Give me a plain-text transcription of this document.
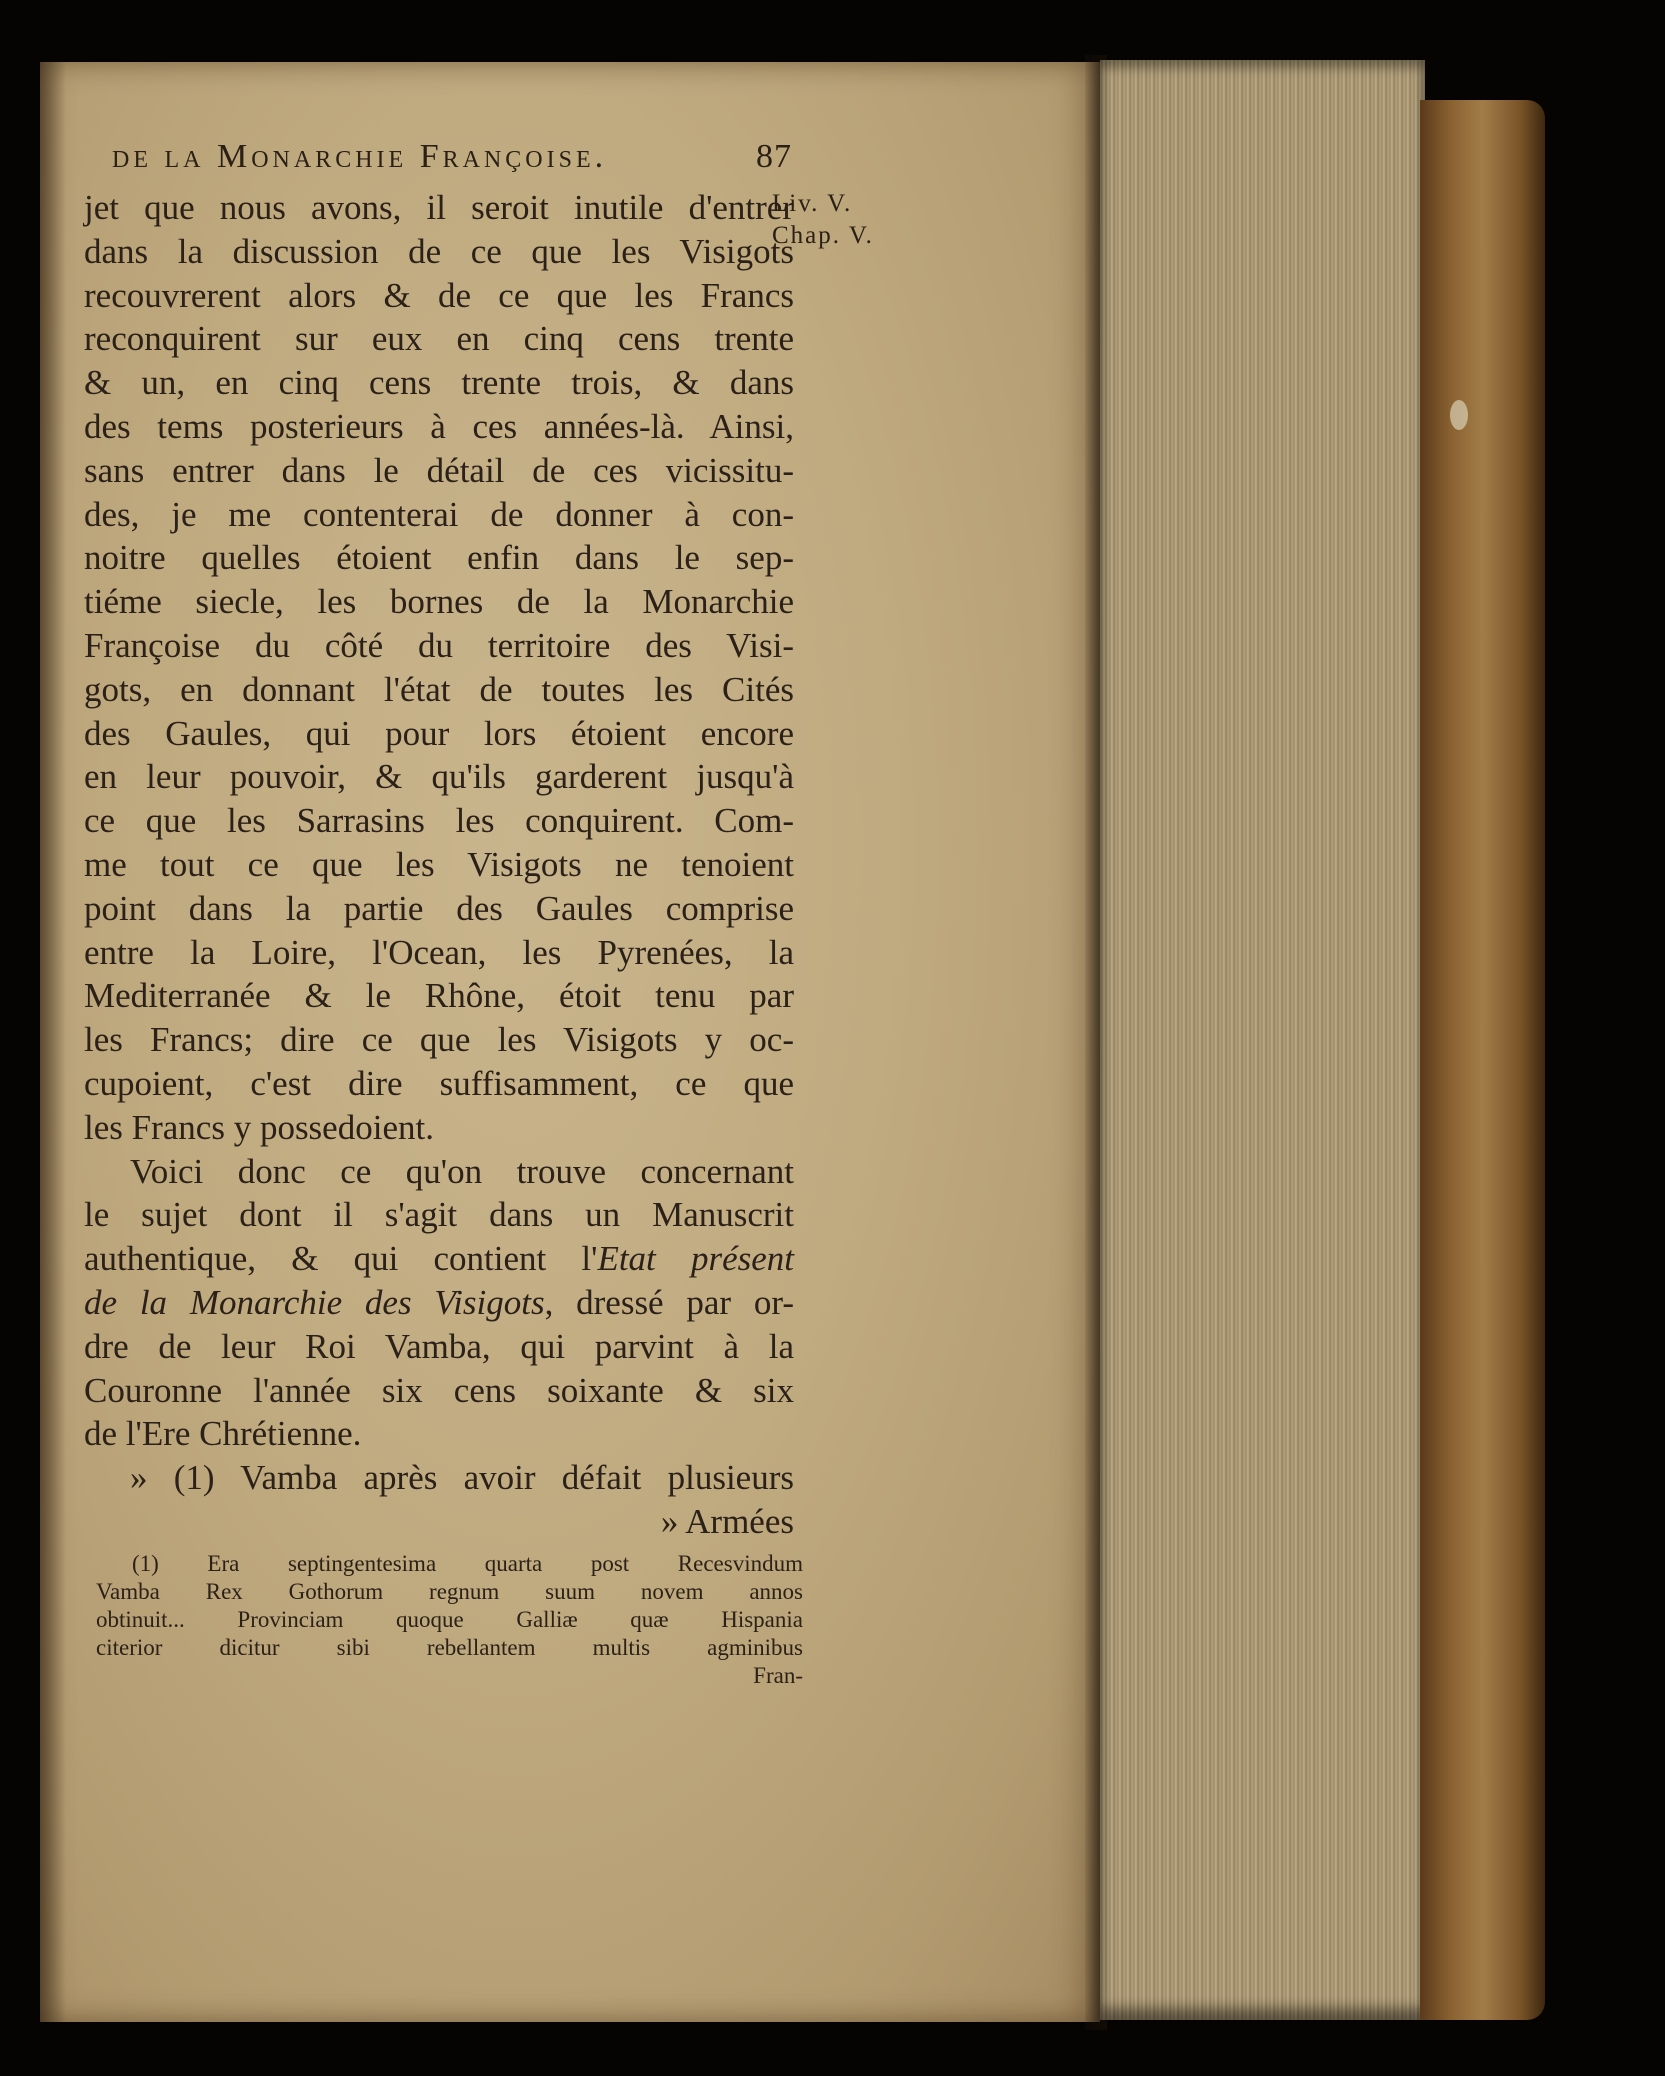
de la Monarchie Françoise.	87
Liv. V.
Chap. V.
jet que nous avons, il seroit inutile d'entrer
dans la discussion de ce que les Visigots
recouvrerent alors & de ce que les Francs
reconquirent sur eux en cinq cens trente
& un, en cinq cens trente trois, & dans
des tems posterieurs à ces années-là. Ainsi,
sans entrer dans le détail de ces vicissitu-
des, je me contenterai de donner à con-
noitre quelles étoient enfin dans le sep-
tiéme siecle, les bornes de la Monarchie
Françoise du côté du territoire des Visi-
gots, en donnant l'état de toutes les Cités
des Gaules, qui pour lors étoient encore
en leur pouvoir, & qu'ils garderent jusqu'à
ce que les Sarrasins les conquirent. Com-
me tout ce que les Visigots ne tenoient
point dans la partie des Gaules comprise
entre la Loire, l'Ocean, les Pyrenées, la
Mediterranée & le Rhône, étoit tenu par
les Francs; dire ce que les Visigots y oc-
cupoient, c'est dire suffisamment, ce que
les Francs y possedoient.
Voici donc ce qu'on trouve concernant
le sujet dont il s'agit dans un Manuscrit
authentique, & qui contient l'Etat présent
de la Monarchie des Visigots, dressé par or-
dre de leur Roi Vamba, qui parvint à la
Couronne l'année six cens soixante & six
de l'Ere Chrétienne.
» (1) Vamba après avoir défait plusieurs
» Armées
(1) Era septingentesima quarta post Recesvindum
Vamba Rex Gothorum regnum suum novem annos
obtinuit... Provinciam quoque Galliæ quæ Hispania
citerior dicitur sibi rebellantem multis agminibus
Fran-
